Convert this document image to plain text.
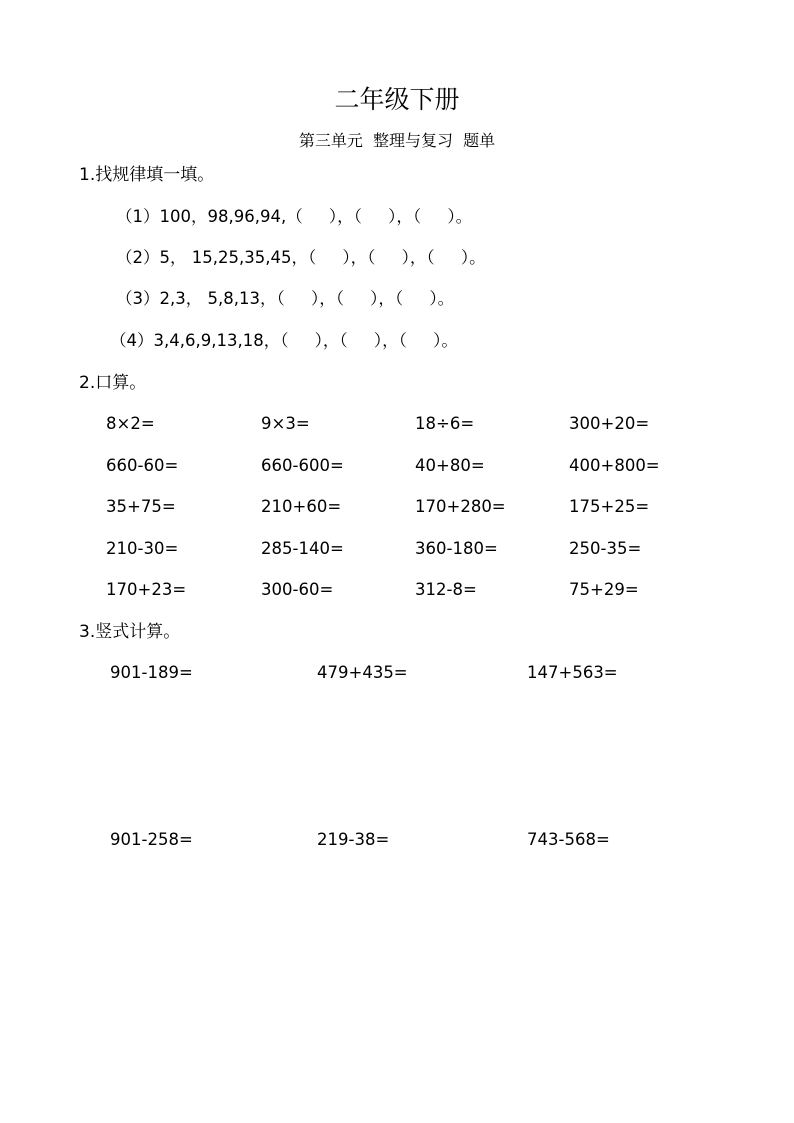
二年级下册
第三单元  整理与复习  题单
1.找规律填一填。
（1）100，98,96,94,（     ），（     ），（     ）。
（2）5， 15,25,35,45，（     ），（     ），（     ）。
（3）2,3， 5,8,13，（     ），（     ），（     ）。
（4）3,4,6,9,13,18，（     ），（     ），（     ）。
2.口算。
8×2=	9×3=	18÷6=	300+20=
660-60=	660-600=	40+80=	400+800=
35+75=	210+60=	170+280=	175+25=
210-30=	285-140=	360-180=	250-35=
170+23=	300-60=	312-8=	75+29=
3.竖式计算。
901-189=	479+435=	147+563=
901-258=	219-38=	743-568=
